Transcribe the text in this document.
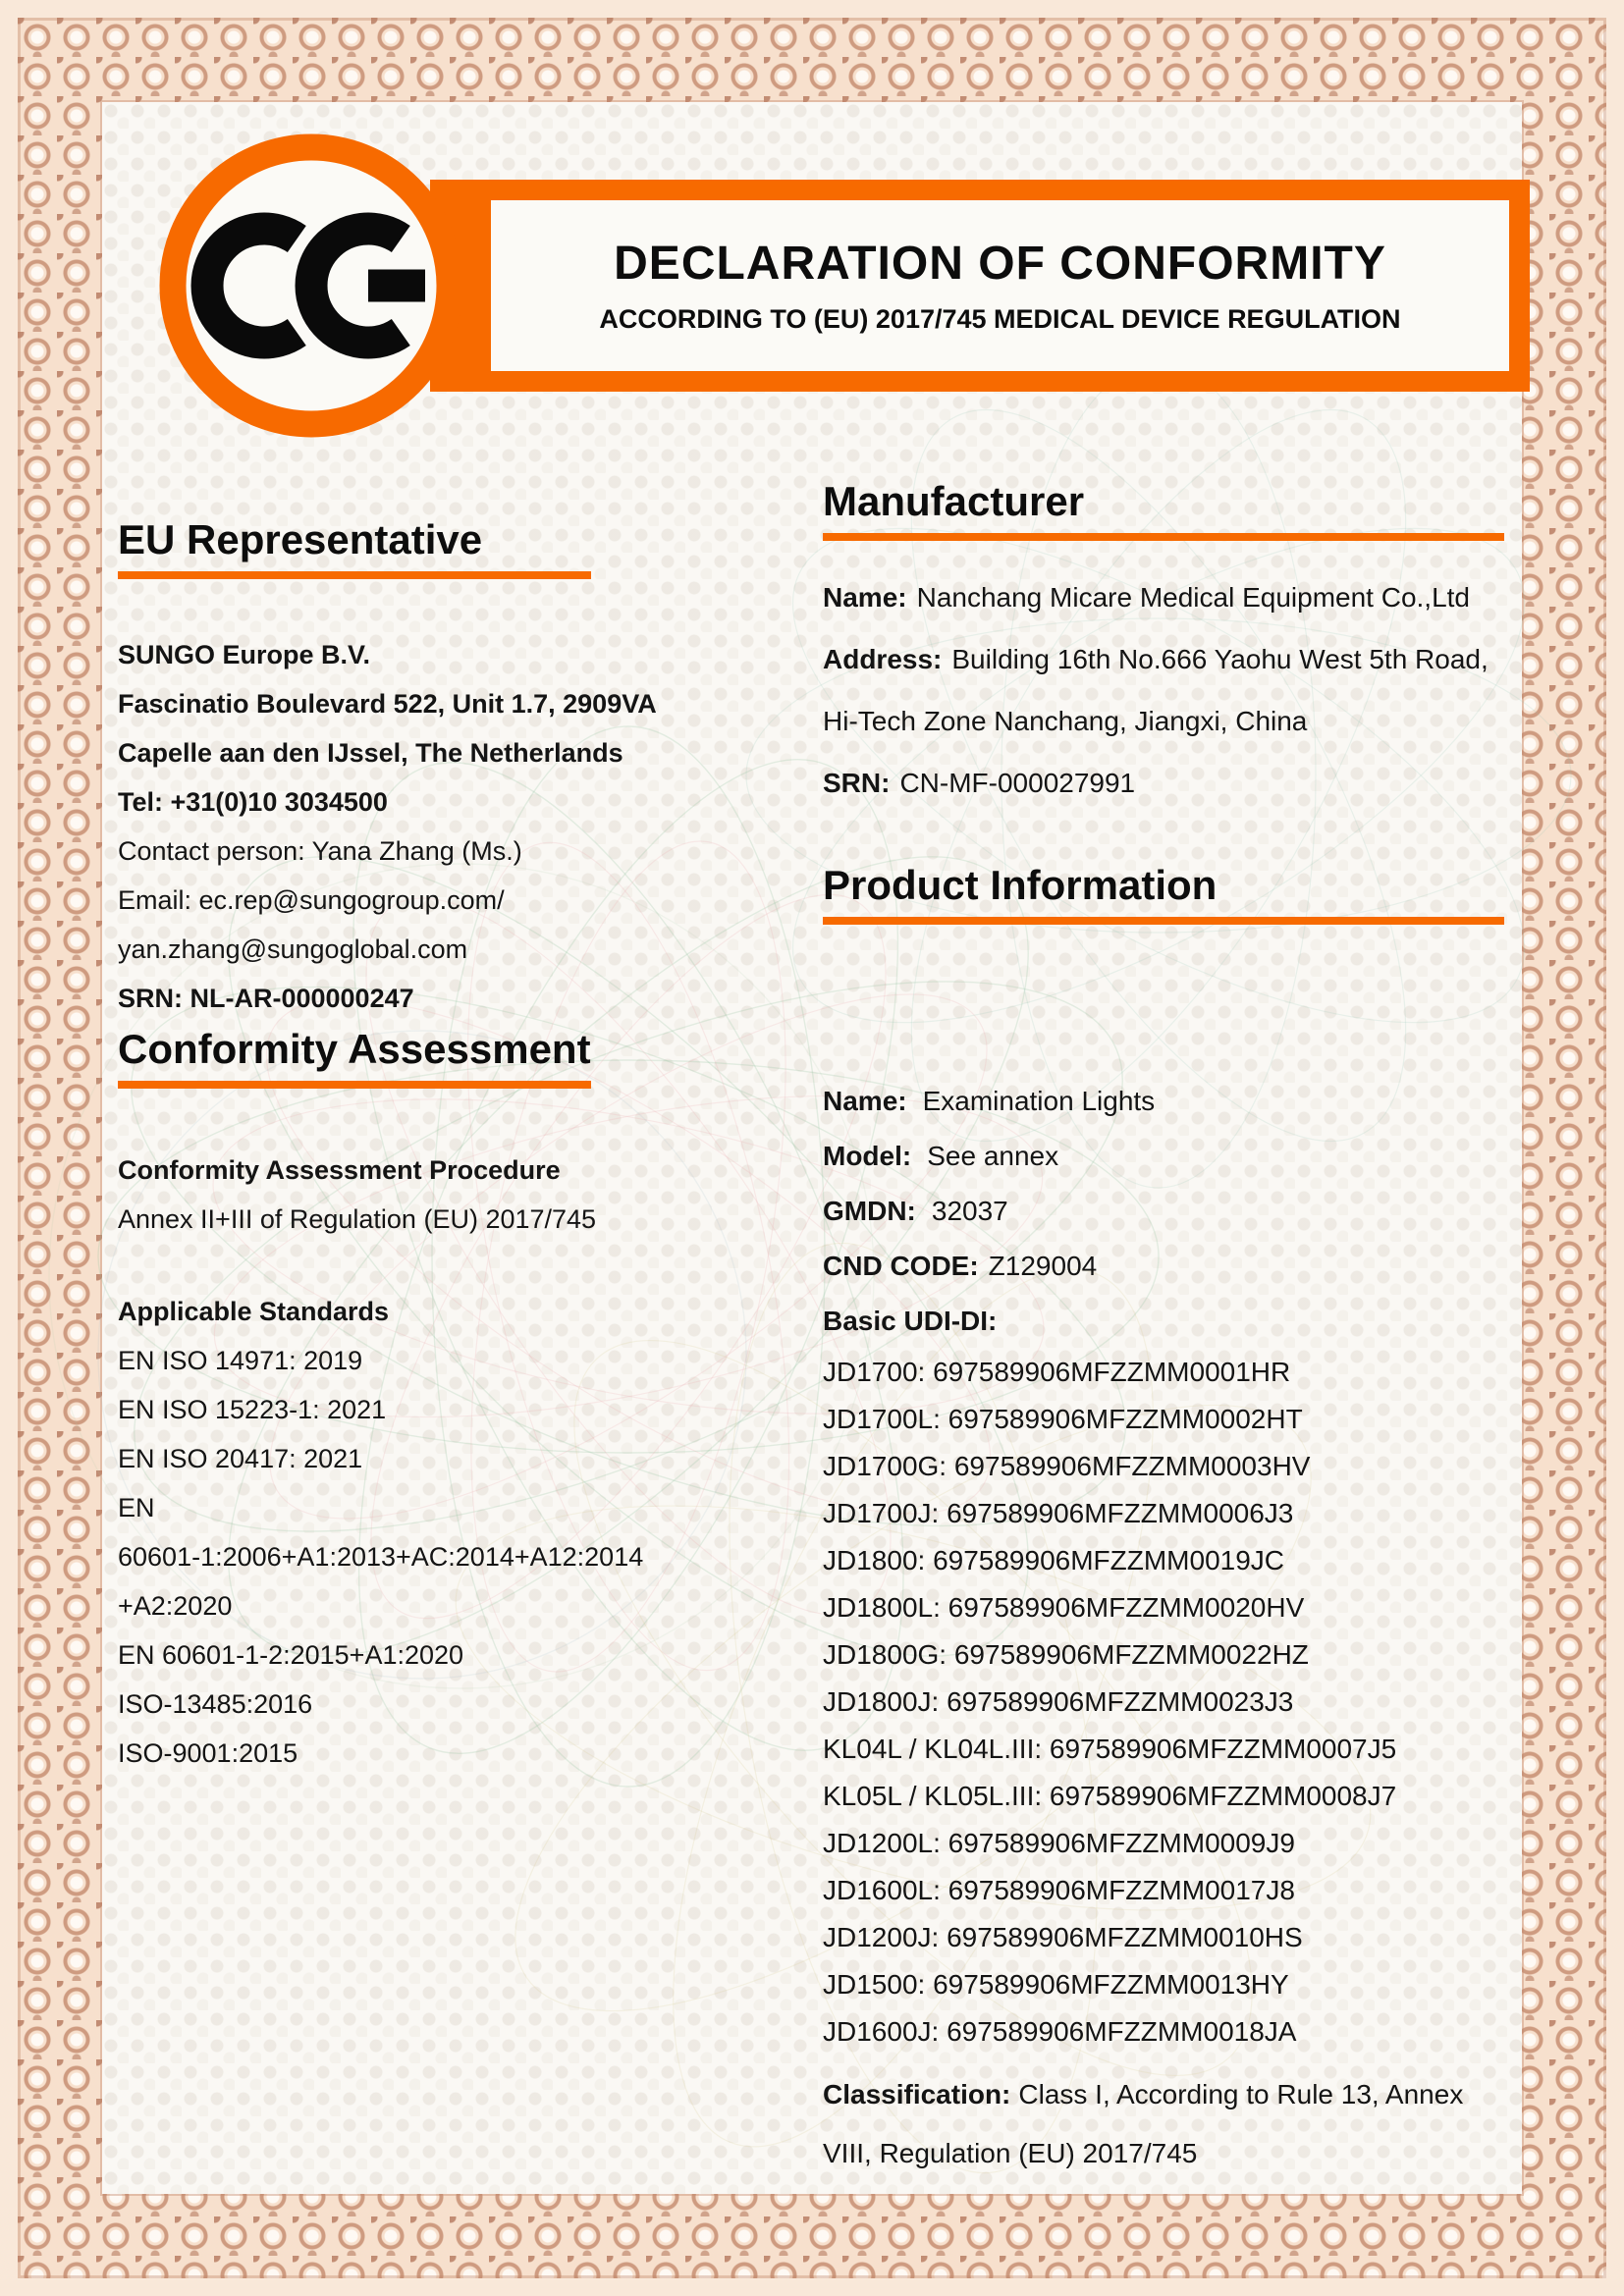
DECLARATION OF CONFORMITY
ACCORDING TO (EU) 2017/745 MEDICAL DEVICE REGULATION
EU Representative
SUNGO Europe B.V.
Fascinatio Boulevard 522, Unit 1.7, 2909VA
Capelle aan den IJssel, The Netherlands
Tel: +31(0)10 3034500
Contact person: Yana Zhang (Ms.)
Email: ec.rep@sungogroup.com/
yan.zhang@sungoglobal.com
SRN: NL-AR-000000247
Conformity Assessment
Conformity Assessment Procedure
Annex II+III of Regulation (EU) 2017/745
Applicable Standards
EN ISO 14971: 2019
EN ISO 15223-1: 2021
EN ISO 20417: 2021
EN
60601-1:2006+A1:2013+AC:2014+A12:2014
+A2:2020
EN 60601-1-2:2015+A1:2020
ISO-13485:2016
ISO-9001:2015
Manufacturer
Name: Nanchang Micare Medical Equipment Co.,Ltd
Address: Building 16th No.666 Yaohu West 5th Road,
Hi-Tech Zone Nanchang, Jiangxi, China
SRN: CN-MF-000027991
Product Information
Name: Examination Lights
Model: See annex
GMDN: 32037
CND CODE: Z129004
Basic UDI-DI:
JD1700: 697589906MFZZMM0001HR
JD1700L: 697589906MFZZMM0002HT
JD1700G: 697589906MFZZMM0003HV
JD1700J: 697589906MFZZMM0006J3
JD1800: 697589906MFZZMM0019JC
JD1800L: 697589906MFZZMM0020HV
JD1800G: 697589906MFZZMM0022HZ
JD1800J: 697589906MFZZMM0023J3
KL04L / KL04L.III: 697589906MFZZMM0007J5
KL05L / KL05L.III: 697589906MFZZMM0008J7
JD1200L: 697589906MFZZMM0009J9
JD1600L: 697589906MFZZMM0017J8
JD1200J: 697589906MFZZMM0010HS
JD1500: 697589906MFZZMM0013HY
JD1600J: 697589906MFZZMM0018JA
Classification: Class I, According to Rule 13, Annex VIII, Regulation (EU) 2017/745
